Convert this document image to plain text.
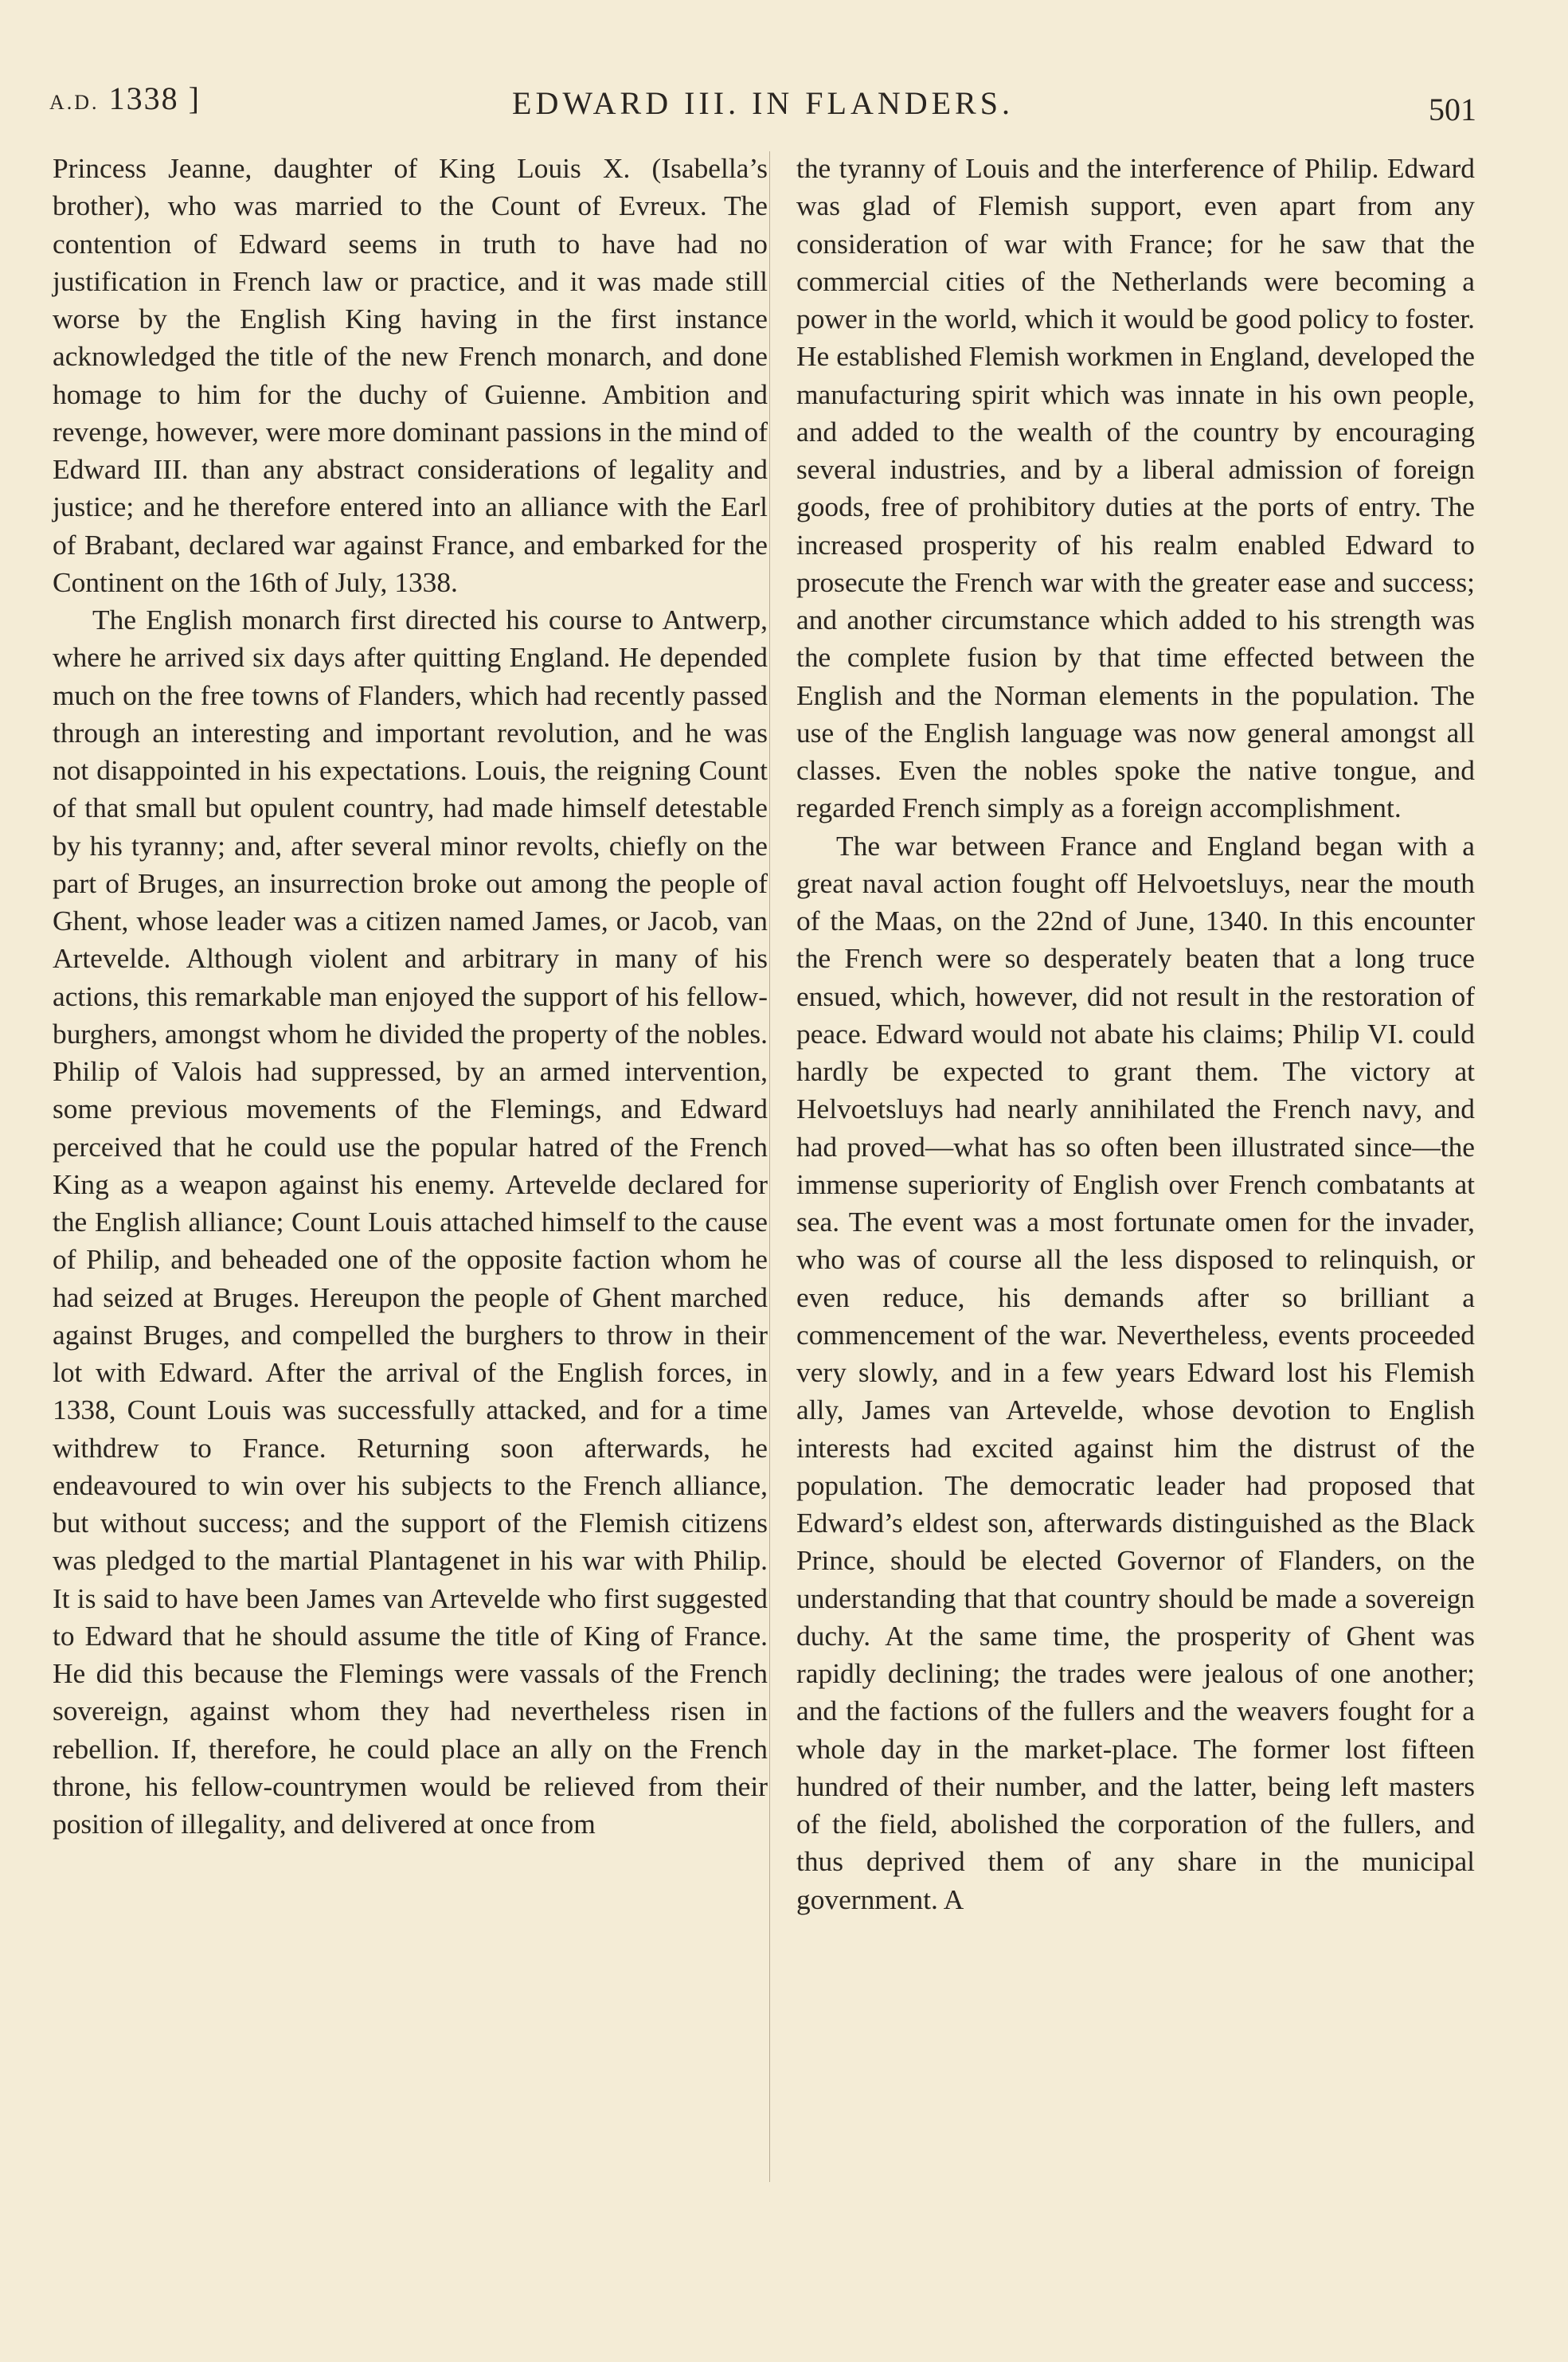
A.D. 1338 ]	EDWARD III. IN FLANDERS.	501

Princess Jeanne, daughter of King Louis X. (Isabella’s brother), who was married to the Count of Evreux. The contention of Edward seems in truth to have had no justification in French law or practice, and it was made still worse by the English King having in the first instance acknowledged the title of the new French monarch, and done homage to him for the duchy of Guienne. Ambition and revenge, however, were more dominant passions in the mind of Edward III. than any abstract considerations of legality and justice; and he therefore entered into an alliance with the Earl of Brabant, declared war against France, and embarked for the Continent on the 16th of July, 1338.

The English monarch first directed his course to Antwerp, where he arrived six days after quitting England. He depended much on the free towns of Flanders, which had recently passed through an interesting and important revolution, and he was not disappointed in his expectations. Louis, the reigning Count of that small but opulent country, had made himself detestable by his tyranny; and, after several minor revolts, chiefly on the part of Bruges, an insurrection broke out among the people of Ghent, whose leader was a citizen named James, or Jacob, van Artevelde. Although violent and arbitrary in many of his actions, this remarkable man enjoyed the support of his fellow-burghers, amongst whom he divided the property of the nobles. Philip of Valois had suppressed, by an armed intervention, some previous movements of the Flemings, and Edward perceived that he could use the popular hatred of the French King as a weapon against his enemy. Artevelde declared for the English alliance; Count Louis attached himself to the cause of Philip, and beheaded one of the opposite faction whom he had seized at Bruges. Hereupon the people of Ghent marched against Bruges, and compelled the burghers to throw in their lot with Edward. After the arrival of the English forces, in 1338, Count Louis was successfully attacked, and for a time withdrew to France. Returning soon afterwards, he endeavoured to win over his subjects to the French alliance, but without success; and the support of the Flemish citizens was pledged to the martial Plantagenet in his war with Philip. It is said to have been James van Artevelde who first suggested to Edward that he should assume the title of King of France. He did this because the Flemings were vassals of the French sovereign, against whom they had nevertheless risen in rebellion. If, therefore, he could place an ally on the French throne, his fellow-countrymen would be relieved from their position of illegality, and delivered at once from

the tyranny of Louis and the interference of Philip. Edward was glad of Flemish support, even apart from any consideration of war with France; for he saw that the commercial cities of the Netherlands were becoming a power in the world, which it would be good policy to foster. He established Flemish workmen in England, developed the manufacturing spirit which was innate in his own people, and added to the wealth of the country by encouraging several industries, and by a liberal admission of foreign goods, free of prohibitory duties at the ports of entry. The increased prosperity of his realm enabled Edward to prosecute the French war with the greater ease and success; and another circumstance which added to his strength was the complete fusion by that time effected between the English and the Norman elements in the population. The use of the English language was now general amongst all classes. Even the nobles spoke the native tongue, and regarded French simply as a foreign accomplishment.

The war between France and England began with a great naval action fought off Helvoetsluys, near the mouth of the Maas, on the 22nd of June, 1340. In this encounter the French were so desperately beaten that a long truce ensued, which, however, did not result in the restoration of peace. Edward would not abate his claims; Philip VI. could hardly be expected to grant them. The victory at Helvoetsluys had nearly annihilated the French navy, and had proved—what has so often been illustrated since—the immense superiority of English over French combatants at sea. The event was a most fortunate omen for the invader, who was of course all the less disposed to relinquish, or even reduce, his demands after so brilliant a commencement of the war. Nevertheless, events proceeded very slowly, and in a few years Edward lost his Flemish ally, James van Artevelde, whose devotion to English interests had excited against him the distrust of the population. The democratic leader had proposed that Edward’s eldest son, afterwards distinguished as the Black Prince, should be elected Governor of Flanders, on the understanding that that country should be made a sovereign duchy. At the same time, the prosperity of Ghent was rapidly declining; the trades were jealous of one another; and the factions of the fullers and the weavers fought for a whole day in the market-place. The former lost fifteen hundred of their number, and the latter, being left masters of the field, abolished the corporation of the fullers, and thus deprived them of any share in the municipal government. A
